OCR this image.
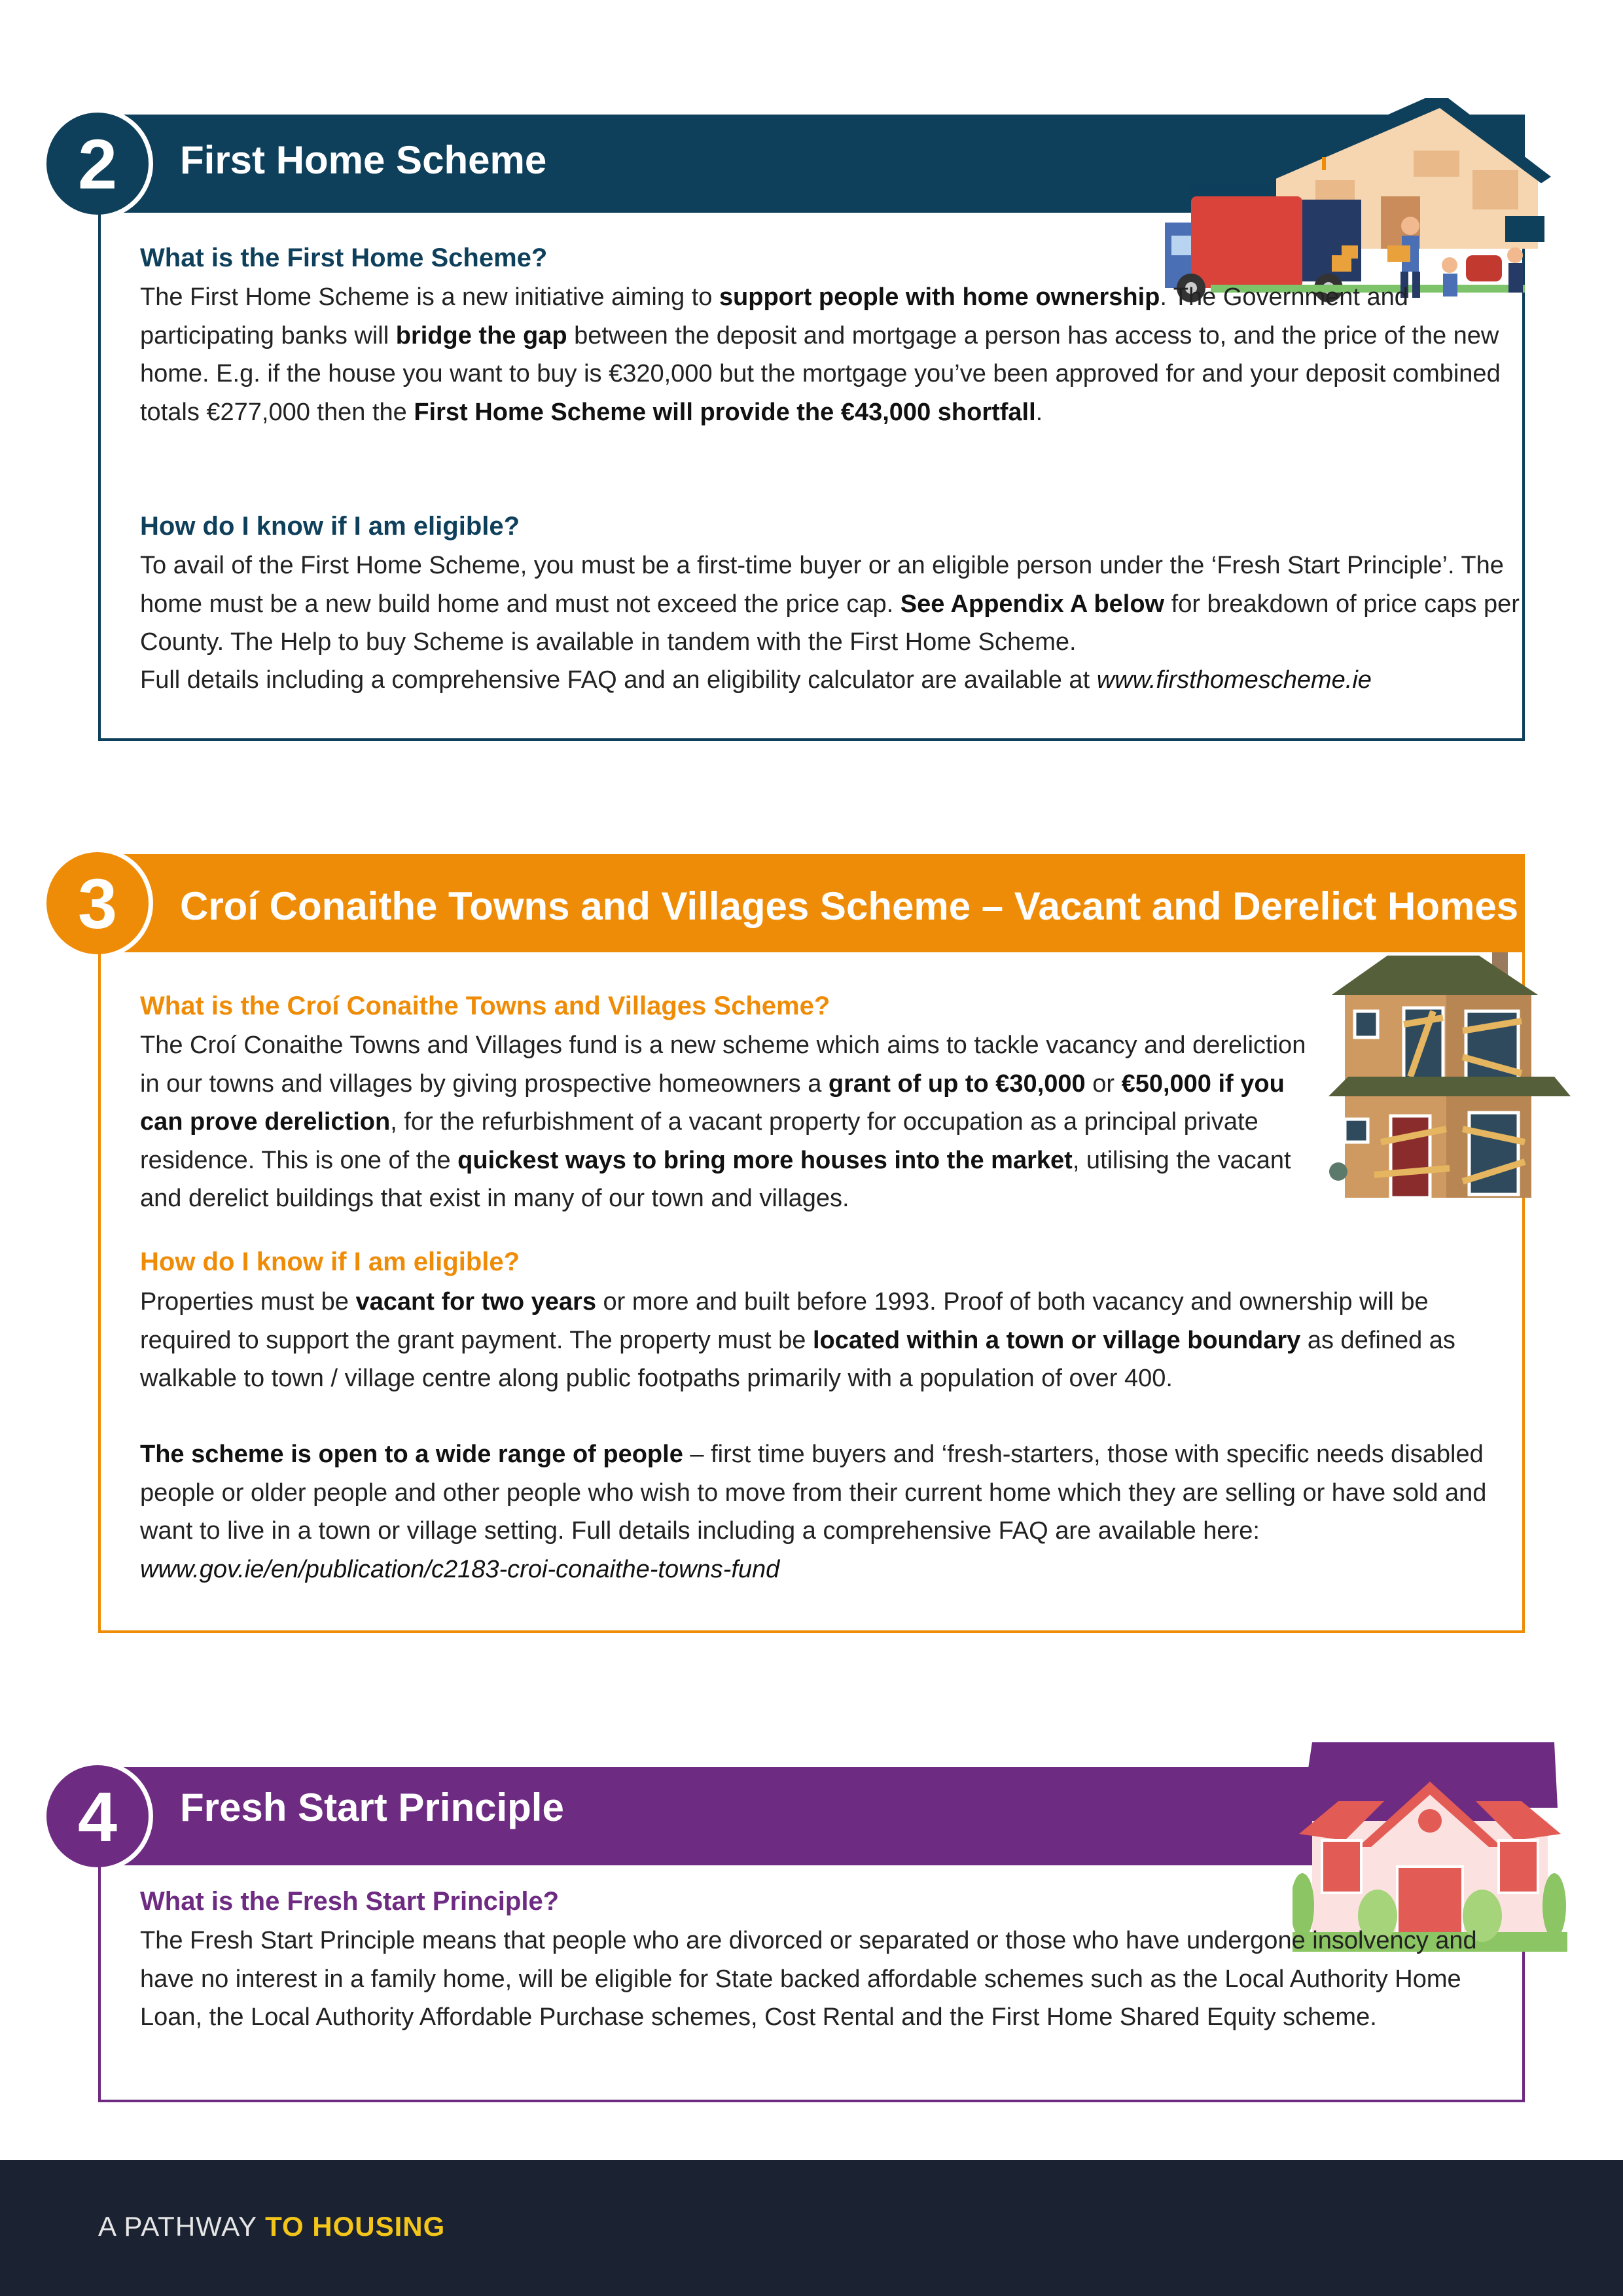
2	First Home Scheme
What is the First Home Scheme?
The First Home Scheme is a new initiative aiming to support people with home ownership. The Government and participating banks will bridge the gap between the deposit and mortgage a person has access to, and the price of the new home. E.g. if the house you want to buy is €320,000 but the mortgage you’ve been approved for and your deposit combined totals €277,000 then the First Home Scheme will provide the €43,000 shortfall.
How do I know if I am eligible?
To avail of the First Home Scheme, you must be a first-time buyer or an eligible person under the ‘Fresh Start Principle’. The home must be a new build home and must not exceed the price cap. See Appendix A below for breakdown of price caps per County. The Help to buy Scheme is available in tandem with the First Home Scheme.
Full details including a comprehensive FAQ and an eligibility calculator are available at www.firsthomescheme.ie
3	Croí Conaithe Towns and Villages Scheme – Vacant and Derelict Homes
What is the Croí Conaithe Towns and Villages Scheme?
The Croí Conaithe Towns and Villages fund is a new scheme which aims to tackle vacancy and dereliction in our towns and villages by giving prospective homeowners a grant of up to €30,000 or €50,000 if you can prove dereliction, for the refurbishment of a vacant property for occupation as a principal private residence. This is one of the quickest ways to bring more houses into the market, utilising the vacant and derelict buildings that exist in many of our town and villages.
How do I know if I am eligible?
Properties must be vacant for two years or more and built before 1993. Proof of both vacancy and ownership will be required to support the grant payment. The property must be located within a town or village boundary as defined as walkable to town / village centre along public footpaths primarily with a population of over 400.
The scheme is open to a wide range of people – first time buyers and ‘fresh-starters, those with specific needs disabled people or older people and other people who wish to move from their current home which they are selling or have sold and want to live in a town or village setting. Full details including a comprehensive FAQ are available here: www.gov.ie/en/publication/c2183-croi-conaithe-towns-fund
4	Fresh Start Principle
What is the Fresh Start Principle?
The Fresh Start Principle means that people who are divorced or separated or those who have undergone insolvency and have no interest in a family home, will be eligible for State backed affordable schemes such as the Local Authority Home Loan, the Local Authority Affordable Purchase schemes, Cost Rental and the First Home Shared Equity scheme.
A PATHWAY TO HOUSING
